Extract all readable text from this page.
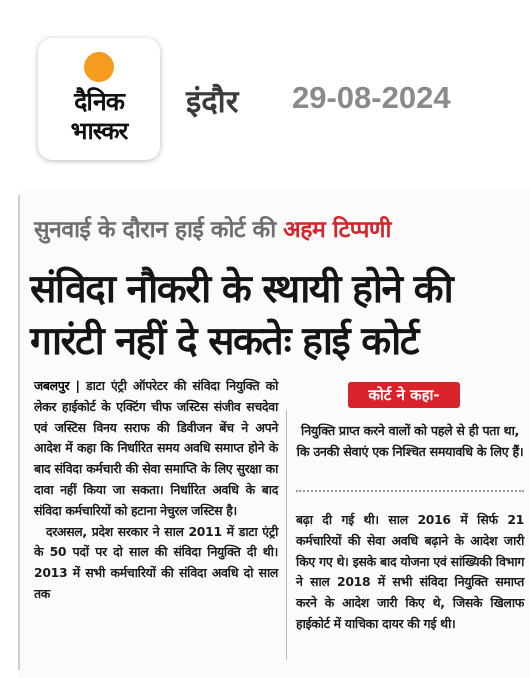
दैनिक
भास्कर
इंदौर 29-08-2024
सुनवाई के दौरान हाई कोर्ट की अहम टिप्पणी
संविदा नौकरी के स्थायी होने की
गारंटी नहीं दे सकतेः हाई कोर्ट

जबलपुर | डाटा एंट्री ऑपरेटर की संविदा नियुक्ति को लेकर हाईकोर्ट के एक्टिंग चीफ जस्टिस संजीव सचदेवा एवं जस्टिस विनय सराफ की डिवीजन बेंच ने अपने आदेश में कहा कि निर्धारित समय अवधि समाप्त होने के बाद संविदा कर्मचारी की सेवा समाप्ति के लिए सुरक्षा का दावा नहीं किया जा सकता। निर्धारित अवधि के बाद संविदा कर्मचारियों को हटाना नेचुरल जस्टिस है।

दरअसल, प्रदेश सरकार ने साल 2011 में डाटा एंट्री के 50 पदों पर दो साल की संविदा नियुक्ति दी थी। 2013 में सभी कर्मचारियों की संविदा अवधि दो साल तक

कोर्ट ने कहा-
नियुक्ति प्राप्त करने वालों को पहले से ही पता था, कि उनकी सेवाएं एक निश्चित समयावधि के लिए हैं।

बढ़ा दी गई थी। साल 2016 में सिर्फ 21 कर्मचारियों की सेवा अवधि बढ़ाने के आदेश जारी किए गए थे। इसके बाद योजना एवं सांख्यिकी विभाग ने साल 2018 में सभी संविदा नियुक्ति समाप्त करने के आदेश जारी किए थे, जिसके खिलाफ हाईकोर्ट में याचिका दायर की गई थी।
